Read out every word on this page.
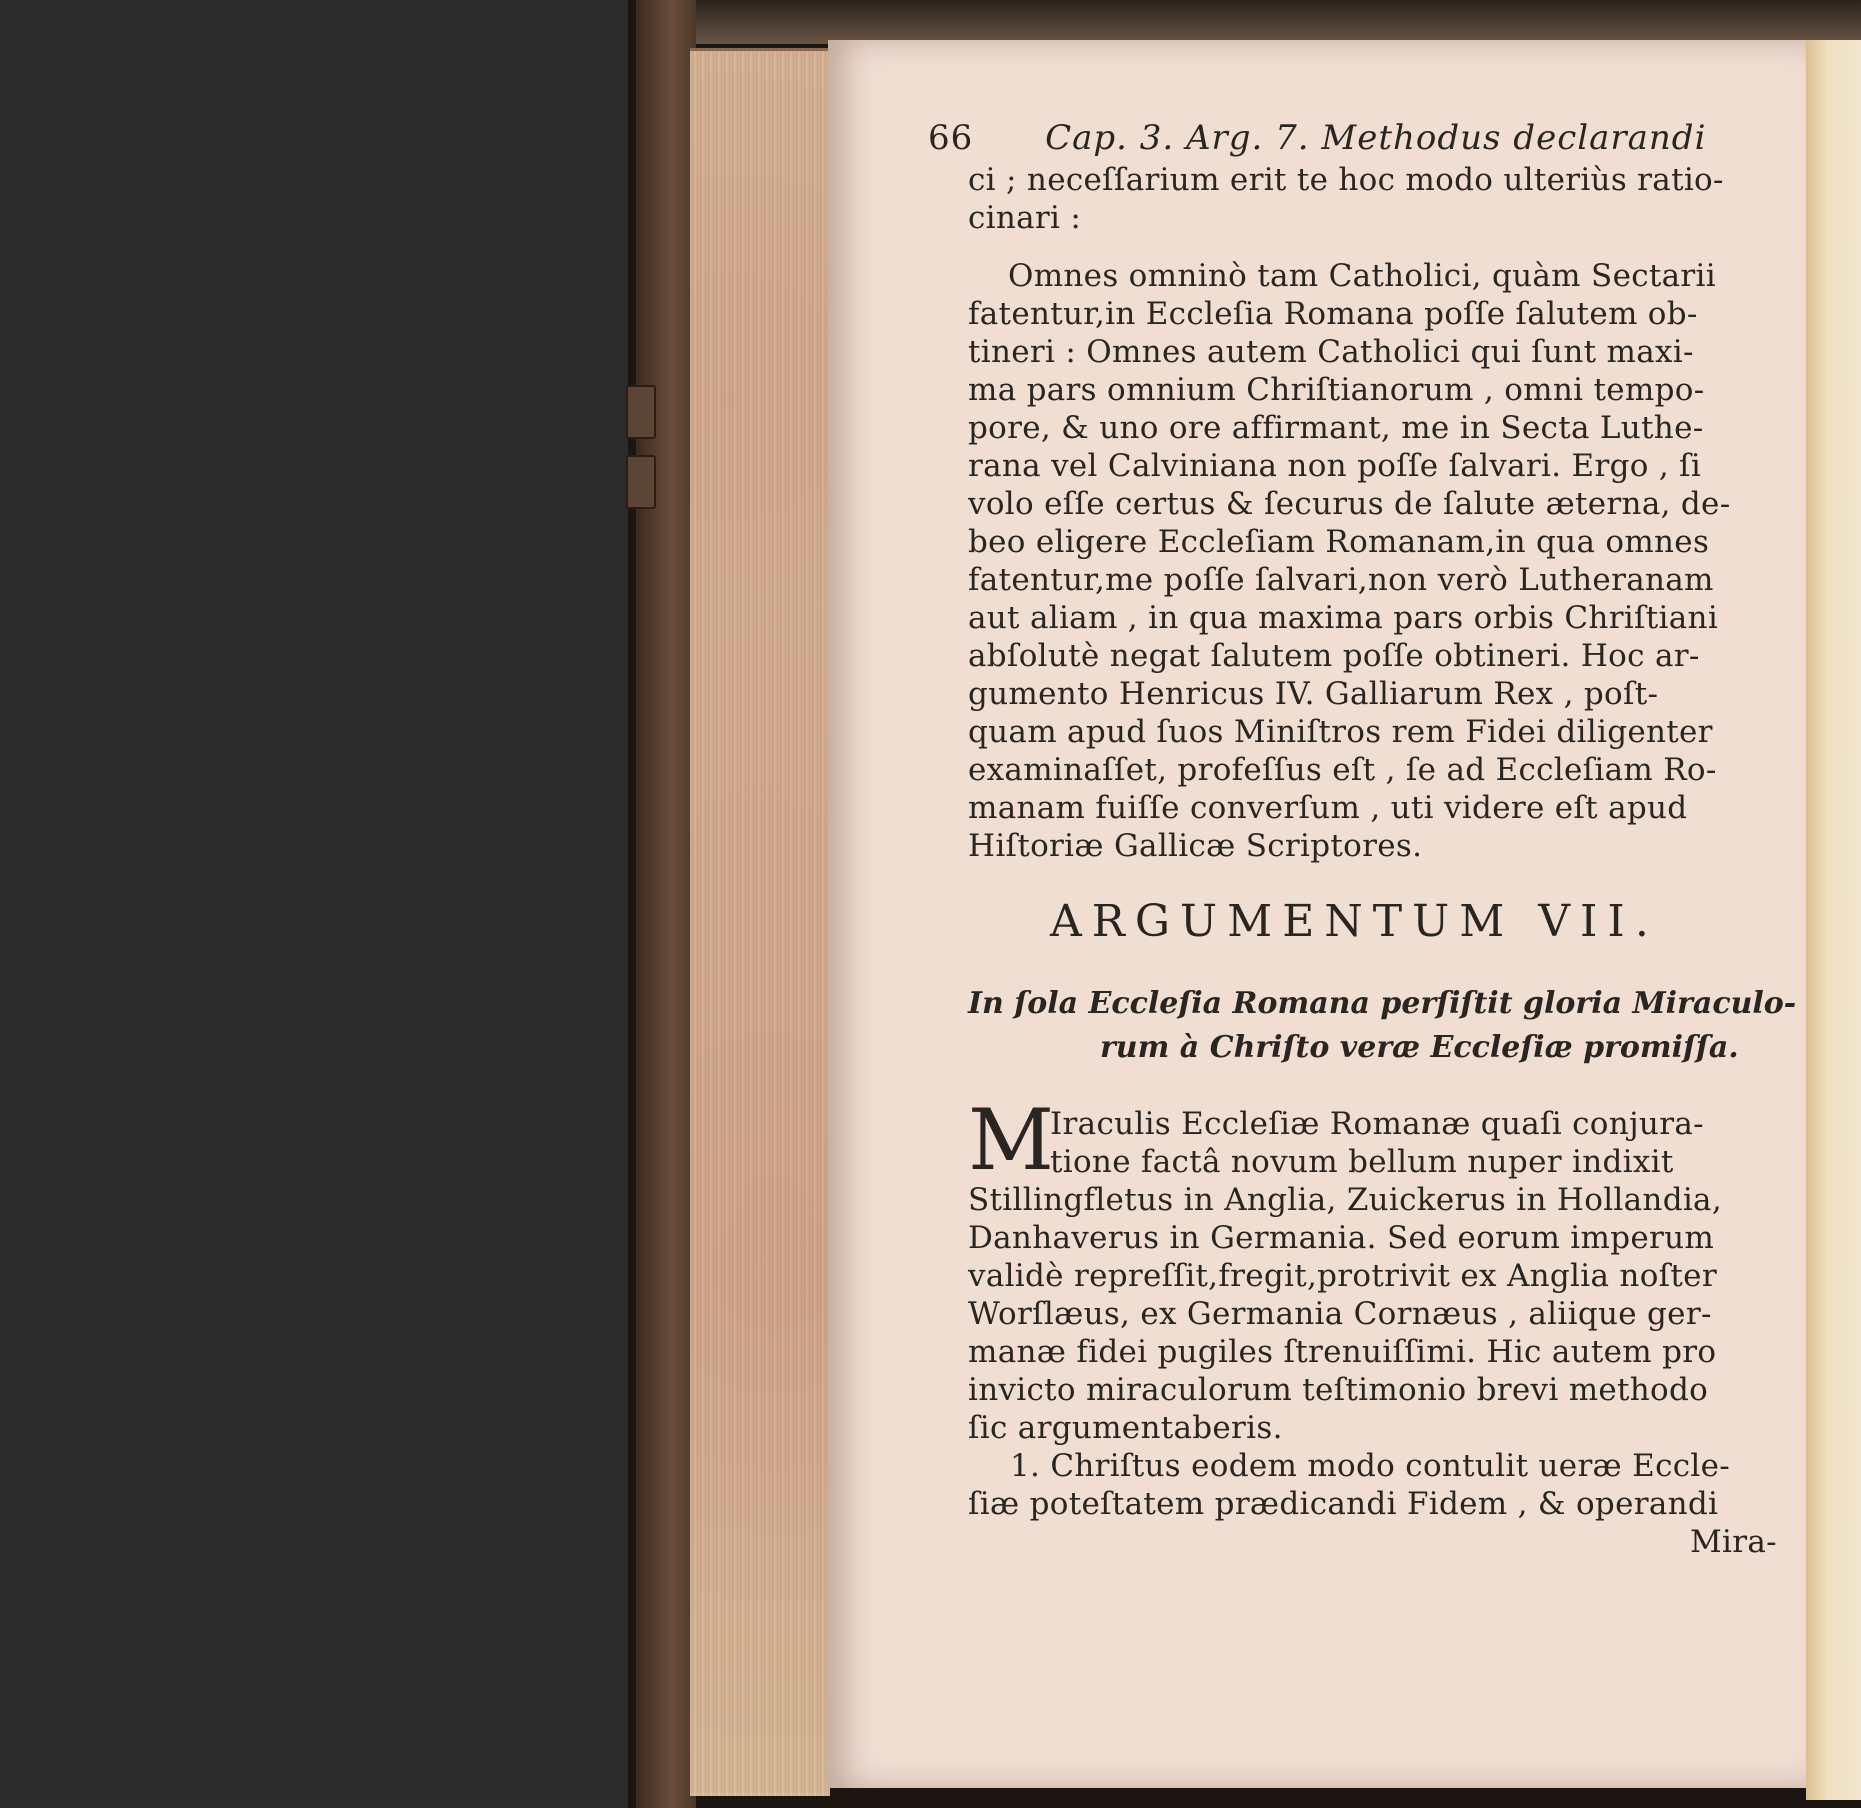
66 Cap. 3. Arg. 7. Methodus declarandi
ci ; neceſſarium erit te hoc modo ulteriùs ratio-
cinari :
Omnes omninò tam Catholici, quàm Sectarii
fatentur,in Eccleſia Romana poſſe ſalutem ob-
tineri : Omnes autem Catholici qui ſunt maxi-
ma pars omnium Chriſtianorum , omni tempo-
pore, & uno ore affirmant, me in Secta Luthe-
rana vel Calviniana non poſſe ſalvari. Ergo , ſi
volo eſſe certus & ſecurus de ſalute æterna, de-
beo eligere Eccleſiam Romanam,in qua omnes
fatentur,me poſſe ſalvari,non verò Lutheranam
aut aliam , in qua maxima pars orbis Chriſtiani
abſolutè negat ſalutem poſſe obtineri. Hoc ar-
gumento Henricus IV. Galliarum Rex , poſt-
quam apud ſuos Miniſtros rem Fidei diligenter
examinaſſet, profeſſus eſt , ſe ad Eccleſiam Ro-
manam fuiſſe converſum , uti videre eſt apud
Hiſtoriæ Gallicæ Scriptores.
ARGUMENTUM VII.
In ſola Eccleſia Romana perſiſtit gloria Miraculo-
rum à Chriſto veræ Eccleſiæ promiſſa.
M
Iraculis Eccleſiæ Romanæ quaſi conjura-
tione factâ novum bellum nuper indixit
Stillingfletus in Anglia, Zuickerus in Hollandia,
Danhaverus in Germania. Sed eorum imperum
validè repreſſit,fregit,protrivit ex Anglia noſter
Worſlæus, ex Germania Cornæus , aliique ger-
manæ fidei pugiles ſtrenuiſſimi. Hic autem pro
invicto miraculorum teſtimonio brevi methodo
ſic argumentaberis.
1. Chriſtus eodem modo contulit ueræ Eccle-
ſiæ poteſtatem prædicandi Fidem , & operandi
Mira-
